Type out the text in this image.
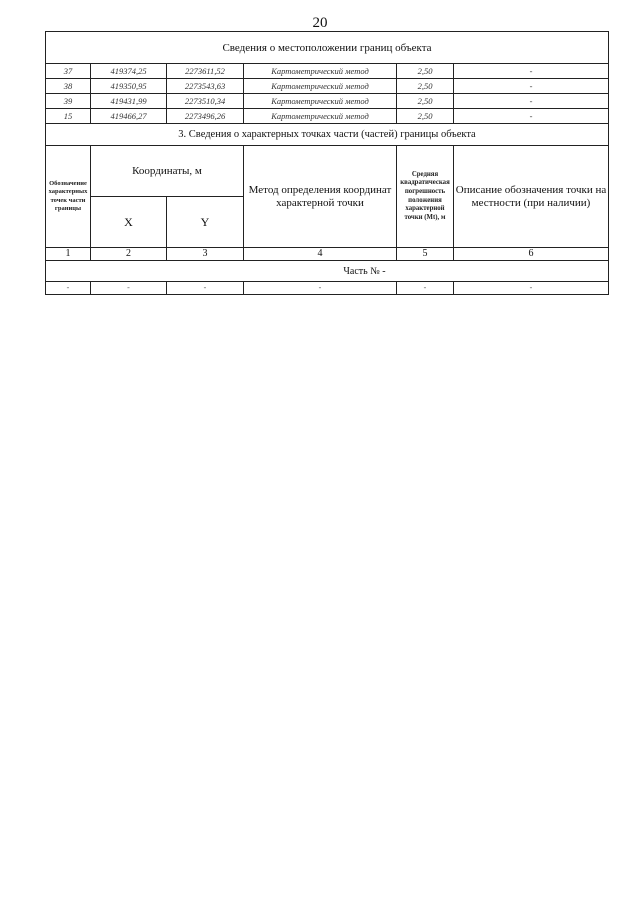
20
Сведения о местоположении границ объекта					
37	419374,25	2273611,52	Картометрический метод	2,50	-
38	419350,95	2273543,63	Картометрический метод	2,50	-
39	419431,99	2273510,34	Картометрический метод	2,50	-
15	419466,27	2273496,26	Картометрический метод	2,50	-
3. Сведения о характерных точках части (частей) границы объекта					
Обозначение характерных точек части границы	Координаты, м		Метод определения координат характерной точки	Средняя квадратическая погрешность положения характерной точки (Mt), м	Описание обозначения точки на местности (при наличии)
	X	Y			
1	2	3	4	5	6
Часть № -					
-	-	-	-	-	-
